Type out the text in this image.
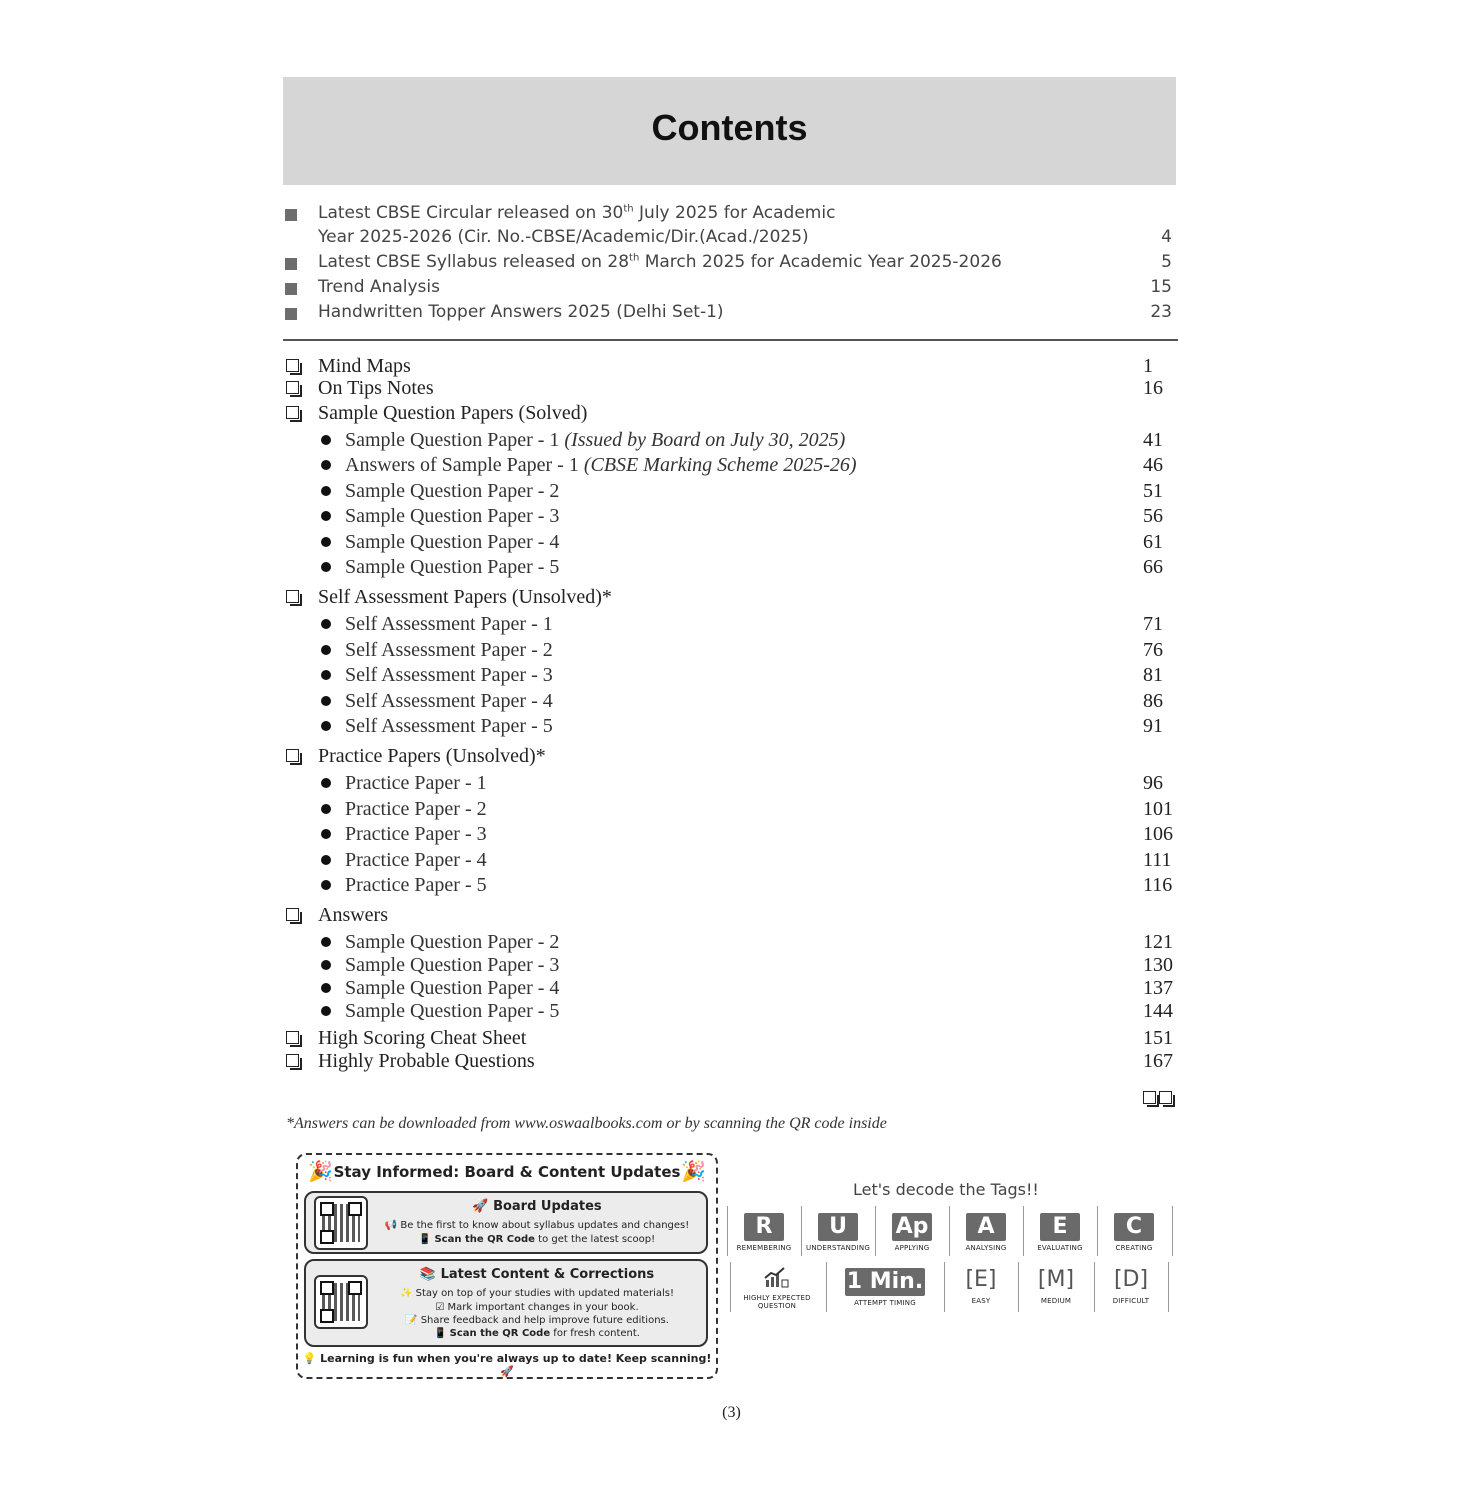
Contents
Latest CBSE Circular released on 30th July 2025 for Academic
Year 2025-2026 (Cir. No.-CBSE/Academic/Dir.(Acad./2025)	4
Latest CBSE Syllabus released on 28th March 2025 for Academic Year 2025-2026	5
Trend Analysis	15
Handwritten Topper Answers 2025 (Delhi Set-1)	23
Mind Maps	1
On Tips Notes	16
Sample Question Papers (Solved)
Sample Question Paper - 1 (Issued by Board on July 30, 2025)	41
Answers of Sample Paper - 1 (CBSE Marking Scheme 2025-26)	46
Sample Question Paper - 2	51
Sample Question Paper - 3	56
Sample Question Paper - 4	61
Sample Question Paper - 5	66
Self Assessment Papers (Unsolved)*
Self Assessment Paper - 1	71
Self Assessment Paper - 2	76
Self Assessment Paper - 3	81
Self Assessment Paper - 4	86
Self Assessment Paper - 5	91
Practice Papers (Unsolved)*
Practice Paper - 1	96
Practice Paper - 2	101
Practice Paper - 3	106
Practice Paper - 4	111
Practice Paper - 5	116
Answers
Sample Question Paper - 2	121
Sample Question Paper - 3	130
Sample Question Paper - 4	137
Sample Question Paper - 5	144
High Scoring Cheat Sheet	151
Highly Probable Questions	167
*Answers can be downloaded from www.oswaalbooks.com or by scanning the QR code inside
🎉 Stay Informed: Board & Content Updates 🎉
🚀 Board Updates
📢 Be the first to know about syllabus updates and changes!
📱 Scan the QR Code to get the latest scoop!
📚 Latest Content & Corrections
✨ Stay on top of your studies with updated materials!
☑ Mark important changes in your book.
📝 Share feedback and help improve future editions.
📱 Scan the QR Code for fresh content.
💡 Learning is fun when you're always up to date! Keep scanning! 🚀
Let's decode the Tags!!
R
REMEMBERING
U
UNDERSTANDING
Ap
APPLYING
A
ANALYSING
E
EVALUATING
C
CREATING
HIGHLY EXPECTED QUESTION
1 Min.
ATTEMPT TIMING
[E]
EASY
[M]
MEDIUM
[D]
DIFFICULT
(3)
